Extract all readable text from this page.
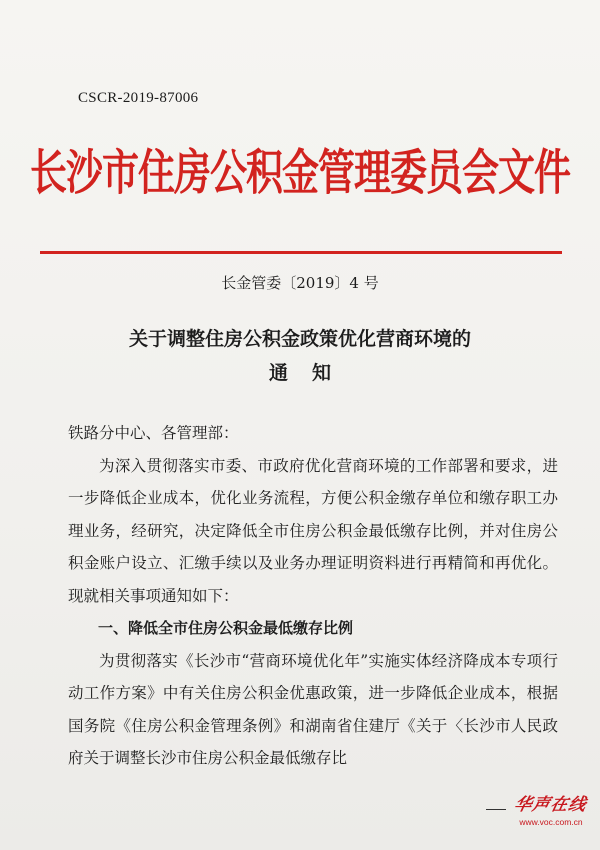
CSCR-2019-87006
长沙市住房公积金管理委员会文件
长金管委〔2019〕4 号
关于调整住房公积金政策优化营商环境的
通知

铁路分中心、各管理部：

为深入贯彻落实市委、市政府优化营商环境的工作部署和要求，进一步降低企业成本，优化业务流程，方便公积金缴存单位和缴存职工办理业务，经研究，决定降低全市住房公积金最低缴存比例，并对住房公积金账户设立、汇缴手续以及业务办理证明资料进行再精简和再优化。现就相关事项通知如下：

一、降低全市住房公积金最低缴存比例

为贯彻落实《长沙市“营商环境优化年”实施实体经济降成本专项行动工作方案》中有关住房公积金优惠政策，进一步降低企业成本，根据国务院《住房公积金管理条例》和湖南省住建厅《关于〈长沙市人民政府关于调整长沙市住房公积金最低缴存比

华声在线
www.voc.com.cn
